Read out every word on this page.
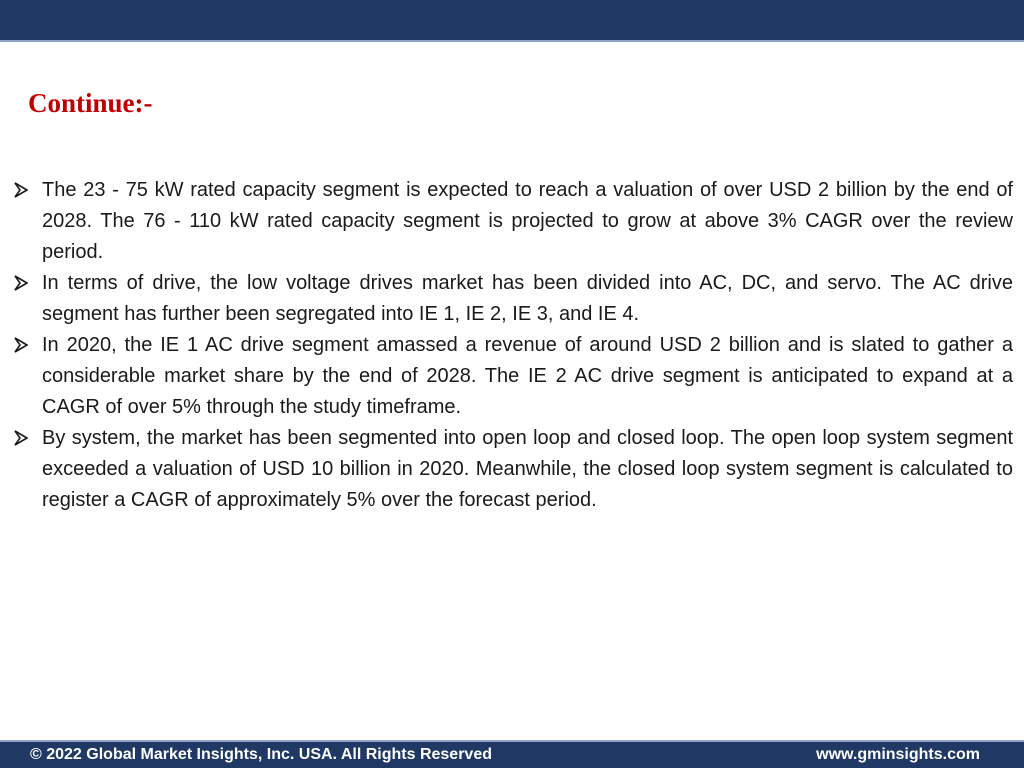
Continue:-
The 23 - 75 kW rated capacity segment is expected to reach a valuation of over USD 2 billion by the end of 2028. The 76 - 110 kW rated capacity segment is projected to grow at above 3% CAGR over the review period.
In terms of drive, the low voltage drives market has been divided into AC, DC, and servo. The AC drive segment has further been segregated into IE 1, IE 2, IE 3, and IE 4.
In 2020, the IE 1 AC drive segment amassed a revenue of around USD 2 billion and is slated to gather a considerable market share by the end of 2028. The IE 2 AC drive segment is anticipated to expand at a CAGR of over 5% through the study timeframe.
By system, the market has been segmented into open loop and closed loop. The open loop system segment exceeded a valuation of USD 10 billion in 2020. Meanwhile, the closed loop system segment is calculated to register a CAGR of approximately 5% over the forecast period.
© 2022 Global Market Insights, Inc. USA. All Rights Reserved	www.gminsights.com
